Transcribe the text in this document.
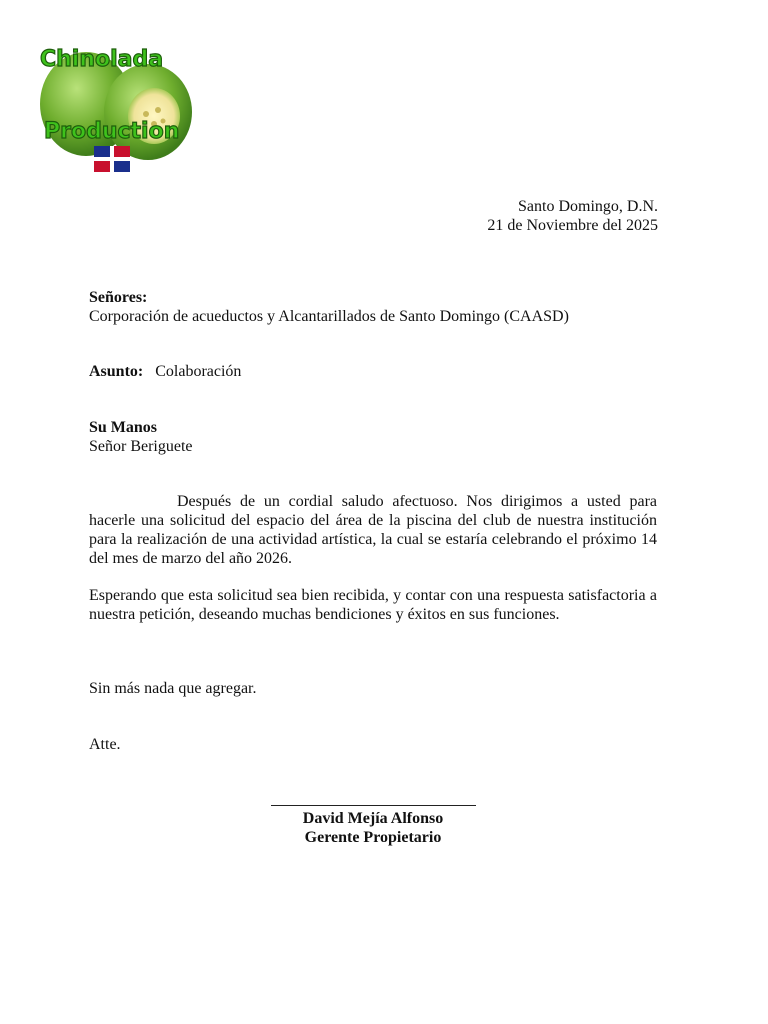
Chinolada
Production
Santo Domingo, D.N.
21 de Noviembre del 2025
Señores:
Corporación de acueductos y Alcantarillados de Santo Domingo (CAASD)
Asunto: Colaboración
Su Manos
Señor Beriguete
Después de un cordial saludo afectuoso. Nos dirigimos a usted para hacerle una solicitud del espacio del área de la piscina del club de nuestra institución para la realización de una actividad artística, la cual se estaría celebrando el próximo 14 del mes de marzo del año 2026.
Esperando que esta solicitud sea bien recibida, y contar con una respuesta satisfactoria a nuestra petición, deseando muchas bendiciones y éxitos en sus funciones.
Sin más nada que agregar.
Atte.
David Mejía Alfonso
Gerente Propietario
